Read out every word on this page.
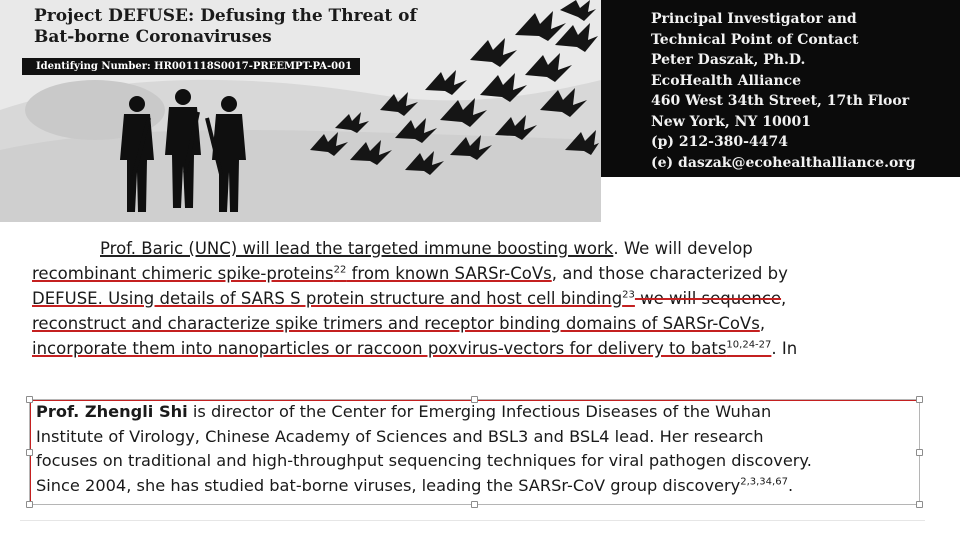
Project DEFUSE: Defusing the Threat of
Bat-borne Coronaviruses

Identifying Number: HR001118S0017-PREEMPT-PA-001
Principal Investigator and
Technical Point of Contact
Peter Daszak, Ph.D.
EcoHealth Alliance
460 West 34th Street, 17th Floor
New York, NY 10001
(p) 212-380-4474
(e) daszak@ecohealthalliance.org

Prof. Baric (UNC) will lead the targeted immune boosting work. We will develop
recombinant chimeric spike-proteins$^{22}$ from known SARSr-CoVs, and those characterized by
DEFUSE. Using details of SARS S protein structure and host cell binding$^{23}$ we will sequence,
reconstruct and characterize spike trimers and receptor binding domains of SARSr-CoVs,
incorporate them into nanoparticles or raccoon poxvirus-vectors for delivery to bats$^{10,24-27}$. In

Prof. Zhengli Shi is director of the Center for Emerging Infectious Diseases of the Wuhan
Institute of Virology, Chinese Academy of Sciences and BSL3 and BSL4 lead. Her research
focuses on traditional and high-throughput sequencing techniques for viral pathogen discovery.
Since 2004, she has studied bat-borne viruses, leading the SARSr-CoV group discovery$^{2,3,34,67}$.
